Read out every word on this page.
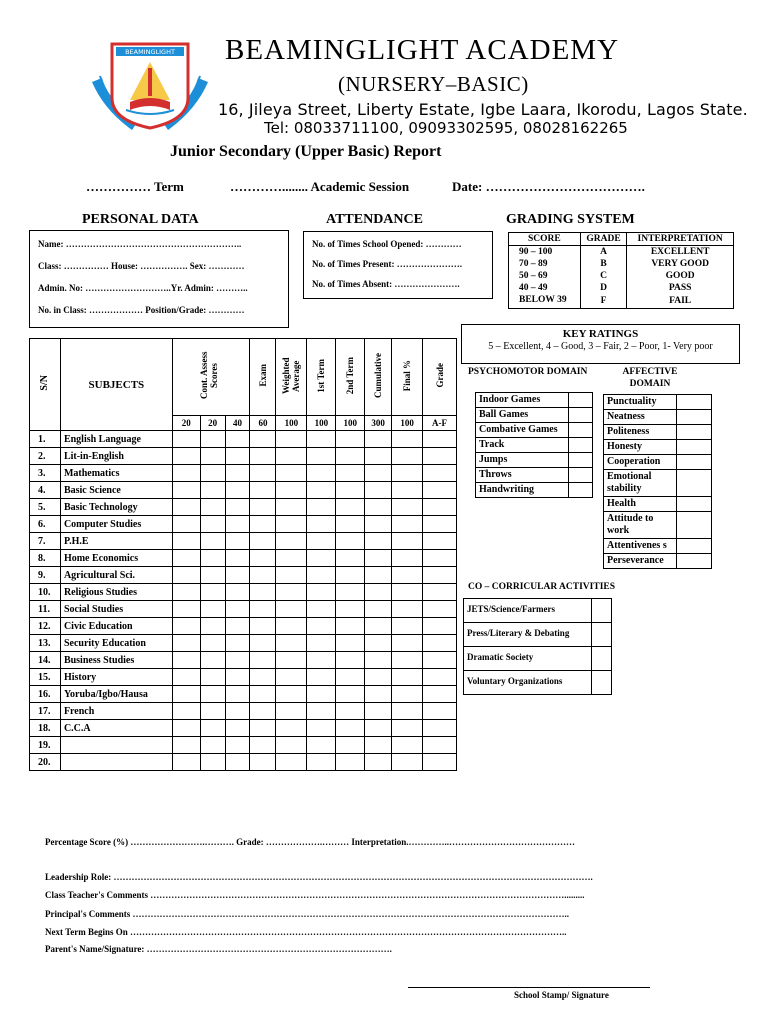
BEAMINGLIGHT BEAMINGLIGHT ACADEMY
(NURSERY–BASIC)
16, Jileya Street, Liberty Estate, Igbe Laara, Ikorodu, Lagos State.
Tel: 08033711100, 09093302595, 08028162265
Junior Secondary (Upper Basic) Report
…………… Term	…………........ Academic Session	Date: ……………………………….
PERSONAL DATA
Name: …………………………………………………..
Class: …………… House: ……………. Sex: …………
Admin. No: ………………………..Yr. Admin: ………..
No. in Class: ……………… Position/Grade: …………
ATTENDANCE
No. of Times School Opened: …………
No. of Times Present: ………………….
No. of Times Absent: ………………….
GRADING SYSTEM
SCORE	GRADE	INTERPRETATION
90 – 100	A	EXCELLENT
70 – 89	B	VERY GOOD
50 – 69	C	GOOD
40 – 49	D	PASS
BELOW 39	F	FAIL
KEY RATINGS
5 – Excellent, 4 – Good, 3 – Fair, 2 – Poor, 1- Very poor
S/N	SUBJECTS	Cont. Assess Scores			Exam	Weighted Average	1st Term	2nd Term	Cumulative	Final %	Grade
		20	20	40	60	100	100	100	300	100	A-F
1.	English Language										
2.	Lit-in-English										
3.	Mathematics										
4.	Basic Science										
5.	Basic Technology										
6.	Computer Studies										
7.	P.H.E										
8.	Home Economics										
9.	Agricultural Sci.										
10.	Religious Studies										
11.	Social Studies										
12.	Civic Education										
13.	Security Education										
14.	Business Studies										
15.	History										
16.	Yoruba/Igbo/Hausa										
17.	French										
18.	C.C.A										
19.											
20.											
PSYCHOMOTOR DOMAIN
Indoor Games	
Ball Games	
Combative Games	
Track	
Jumps	
Throws	
Handwriting	
AFFECTIVE DOMAIN
Punctuality	
Neatness	
Politeness	
Honesty	
Cooperation	
Emotional stability	
Health	
Attitude to work	
Attentivenes s	
Perseverance	
CO – CORRICULAR ACTIVITIES
JETS/Science/Farmers	
Press/Literary & Debating	
Dramatic Society	
Voluntary Organizations	
Percentage Score (%) …………………….………. Grade: ……………….……… Interpretation.…………..……………………………………
Leadership Role: …………………………………………………………………………………………………………………………………………….
Class Teacher's Comments ………………………………………………………………………………………………………………………….........
Principal's Comments ………………………………………………………………………………………………………………………………..
Next Term Begins On ………………………………………………………………………………………………………………………………..
Parent's Name/Signature: ……………………………………………………………………….
School Stamp/ Signature
